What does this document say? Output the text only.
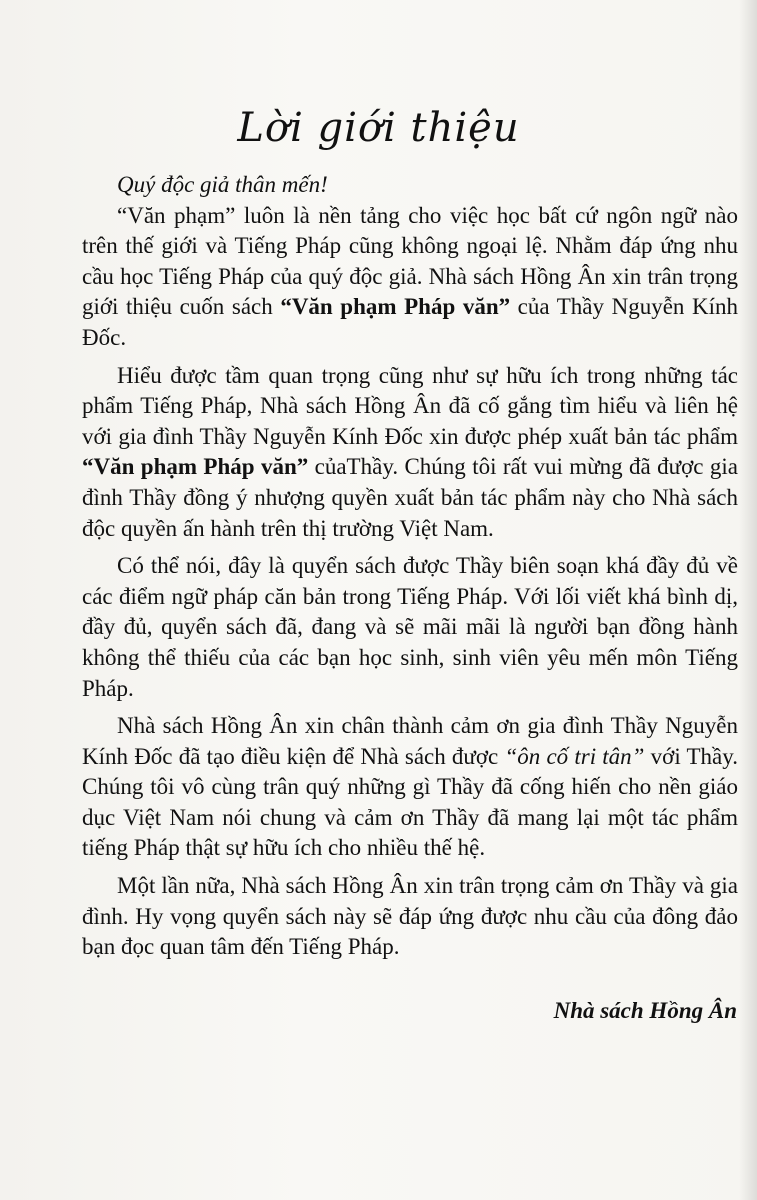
Lời giới thiệu

Quý độc giả thân mến!

“Văn phạm” luôn là nền tảng cho việc học bất cứ ngôn ngữ nào trên thế giới và Tiếng Pháp cũng không ngoại lệ. Nhằm đáp ứng nhu cầu học Tiếng Pháp của quý độc giả. Nhà sách Hồng Ân xin trân trọng giới thiệu cuốn sách “Văn phạm Pháp văn” của Thầy Nguyễn Kính Đốc.

Hiểu được tầm quan trọng cũng như sự hữu ích trong những tác phẩm Tiếng Pháp, Nhà sách Hồng Ân đã cố gắng tìm hiểu và liên hệ với gia đình Thầy Nguyễn Kính Đốc xin được phép xuất bản tác phẩm “Văn phạm Pháp văn” củaThầy. Chúng tôi rất vui mừng đã được gia đình Thầy đồng ý nhượng quyền xuất bản tác phẩm này cho Nhà sách độc quyền ấn hành trên thị trường Việt Nam.

Có thể nói, đây là quyển sách được Thầy biên soạn khá đầy đủ về các điểm ngữ pháp căn bản trong Tiếng Pháp. Với lối viết khá bình dị, đầy đủ, quyển sách đã, đang và sẽ mãi mãi là người bạn đồng hành không thể thiếu của các bạn học sinh, sinh viên yêu mến môn Tiếng Pháp.

Nhà sách Hồng Ân xin chân thành cảm ơn gia đình Thầy Nguyễn Kính Đốc đã tạo điều kiện để Nhà sách được “ôn cố tri tân” với Thầy. Chúng tôi vô cùng trân quý những gì Thầy đã cống hiến cho nền giáo dục Việt Nam nói chung và cảm ơn Thầy đã mang lại một tác phẩm tiếng Pháp thật sự hữu ích cho nhiều thế hệ.

Một lần nữa, Nhà sách Hồng Ân xin trân trọng cảm ơn Thầy và gia đình. Hy vọng quyển sách này sẽ đáp ứng được nhu cầu của đông đảo bạn đọc quan tâm đến Tiếng Pháp.

Nhà sách Hồng Ân
